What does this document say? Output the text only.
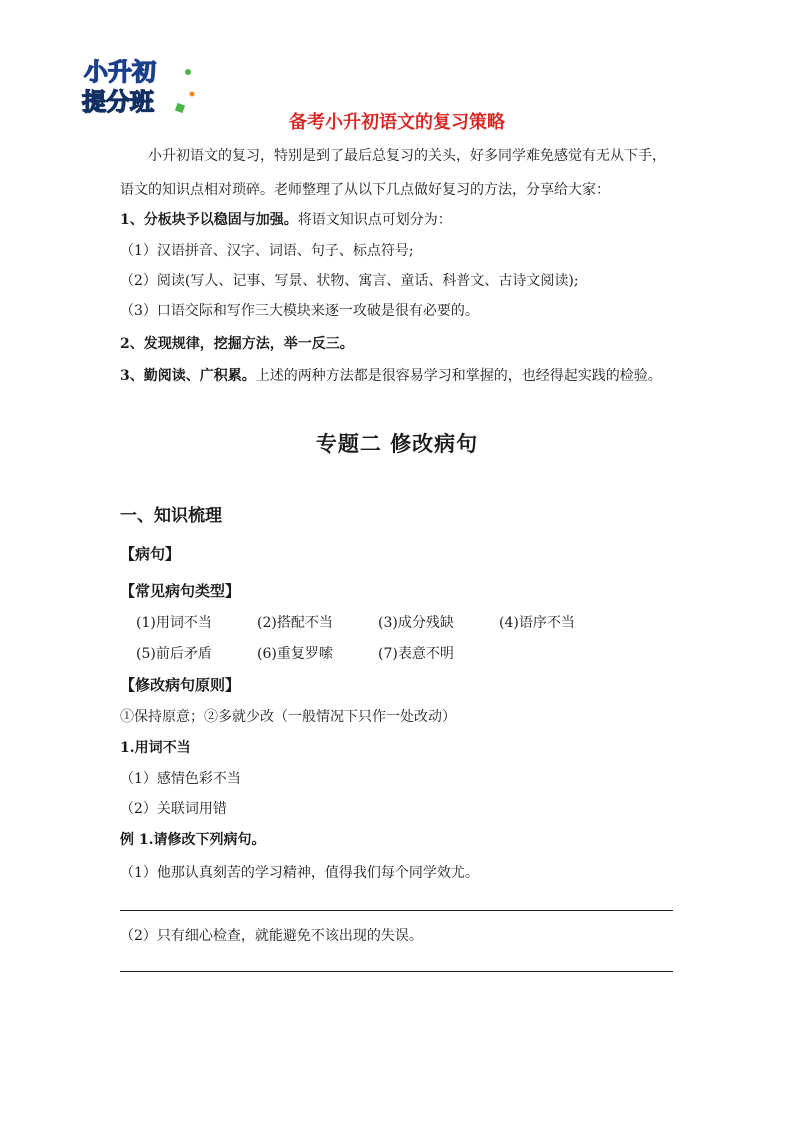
小升初
提分班
备考小升初语文的复习策略
小升初语文的复习，特别是到了最后总复习的关头，好多同学难免感觉有无从下手，
语文的知识点相对琐碎。老师整理了从以下几点做好复习的方法，分享给大家：
1、分板块予以稳固与加强。将语文知识点可划分为：
（1）汉语拼音、汉字、词语、句子、标点符号;
（2）阅读(写人、记事、写景、状物、寓言、童话、科普文、古诗文阅读);
（3）口语交际和写作三大模块来逐一攻破是很有必要的。
2、发现规律，挖掘方法，举一反三。
3、勤阅读、广积累。上述的两种方法都是很容易学习和掌握的，也经得起实践的检验。
专题二 修改病句
一、知识梳理
【病句】
【常见病句类型】
(1)用词不当	(2)搭配不当	(3)成分残缺	(4)语序不当
(5)前后矛盾	(6)重复罗嗦	(7)表意不明
【修改病句原则】
①保持原意；②多就少改（一般情况下只作一处改动）
1.用词不当
（1）感情色彩不当
（2）关联词用错
例 1.请修改下列病句。
（1）他那认真刻苦的学习精神，值得我们每个同学效尤。
（2）只有细心检查，就能避免不该出现的失误。
